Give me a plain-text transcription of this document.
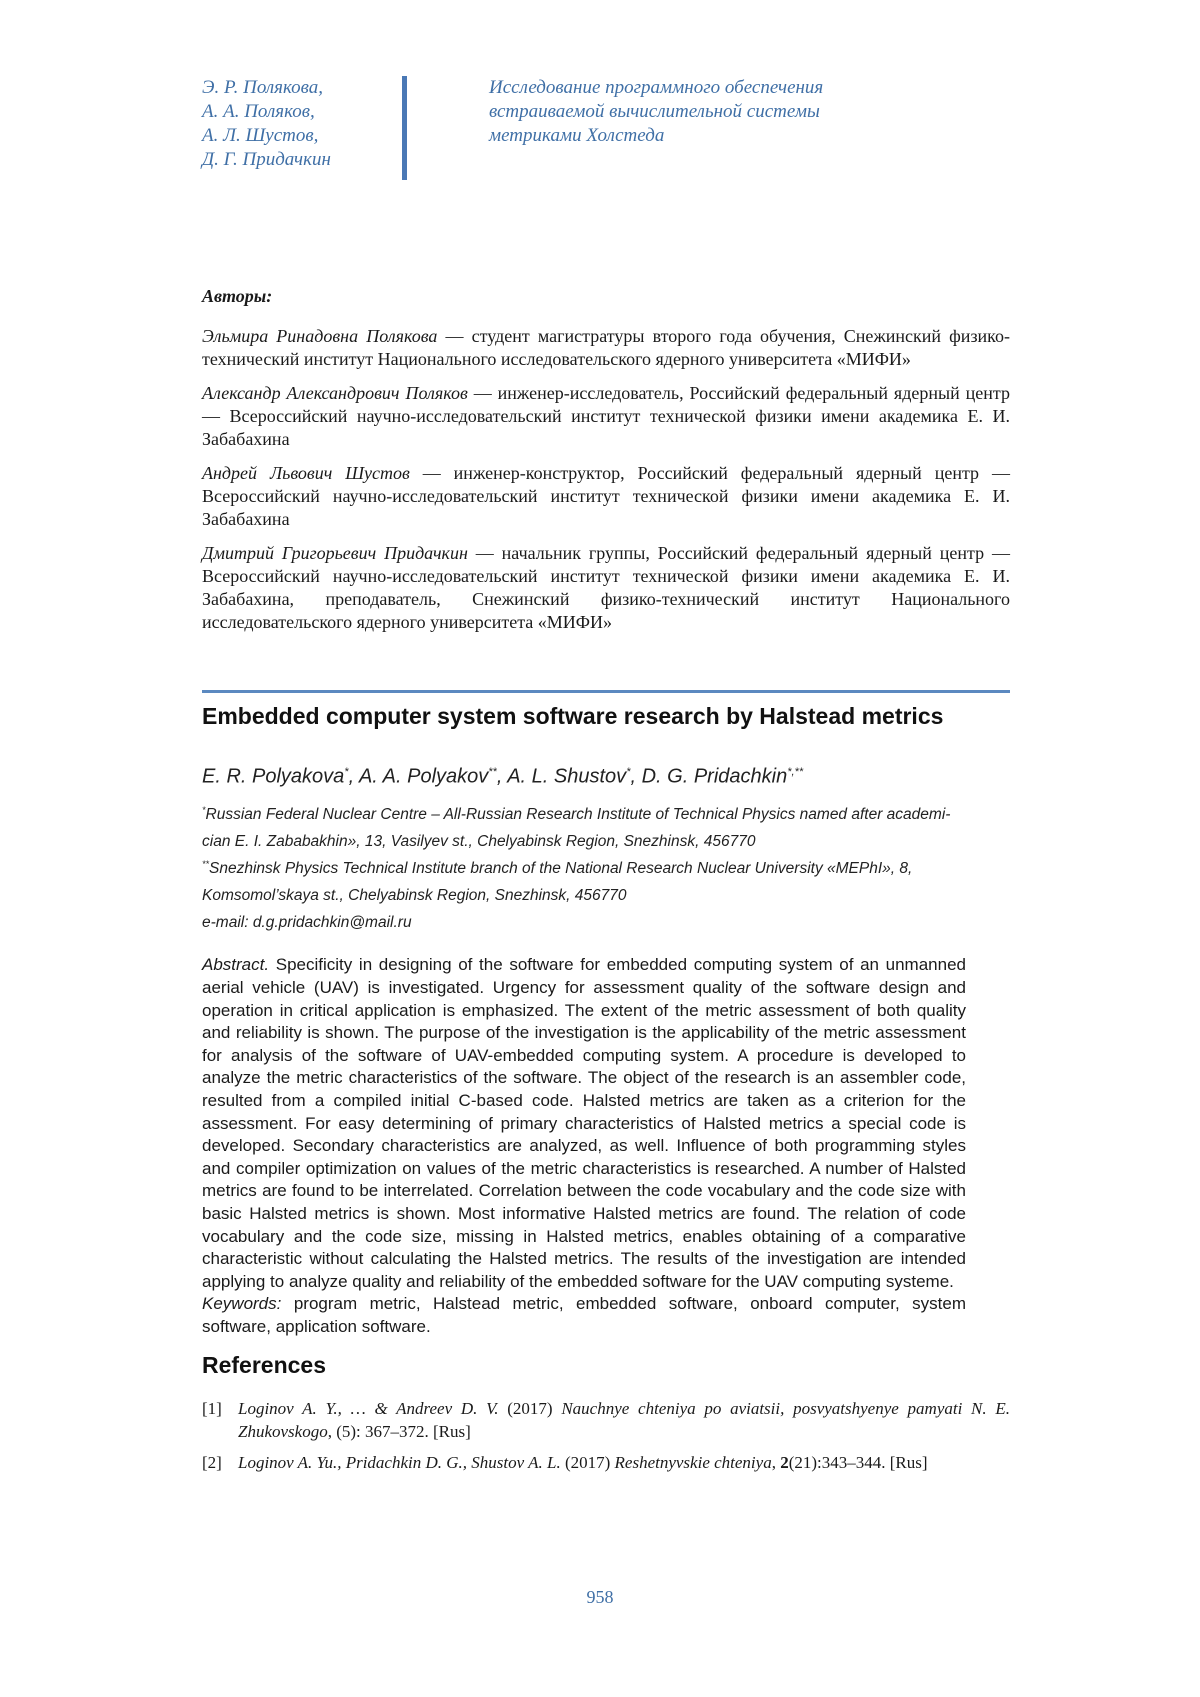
Э. Р. Полякова,
А. А. Поляков,
А. Л. Шустов,
Д. Г. Придачкин
Исследование программного обеспечения
встраиваемой вычислительной системы
метриками Холстеда

Авторы:

Эльмира Ринадовна Полякова — студент магистратуры второго года обучения, Снежинский физико-технический институт Национального исследовательского ядерного университета «МИФИ»

Александр Александрович Поляков — инженер-исследователь, Российский федеральный ядерный центр — Всероссийский научно-исследовательский институт технической физики имени академика Е. И. Забабахина

Андрей Львович Шустов — инженер-конструктор, Российский федеральный ядерный центр — Всероссийский научно-исследовательский институт технической физики имени академика Е. И. Забабахина

Дмитрий Григорьевич Придачкин — начальник группы, Российский федеральный ядерный центр — Всероссийский научно-исследовательский институт технической физики имени академика Е. И. Забабахина, преподаватель, Снежинский физико-технический институт Национального исследовательского ядерного университета «МИФИ»

Embedded computer system software research by Halstead metrics
E. R. Polyakova*, A. A. Polyakov**, A. L. Shustov*, D. G. Pridachkin*,**
*Russian Federal Nuclear Centre – All-Russian Research Institute of Technical Physics named after academi-
cian E. I. Zababakhin», 13, Vasilyev st., Chelyabinsk Region, Snezhinsk, 456770
**Snezhinsk Physics Technical Institute branch of the National Research Nuclear University «MEPhI», 8,
Komsomol’skaya st., Chelyabinsk Region, Snezhinsk, 456770
e-mail: d.g.pridachkin@mail.ru

Abstract. Specificity in designing of the software for embedded computing system of an unmanned aerial vehicle (UAV) is investigated. Urgency for assessment quality of the software design and operation in critical application is emphasized. The extent of the metric assessment of both quality and reliability is shown. The purpose of the investigation is the applicability of the metric assessment for analysis of the software of UAV-embedded computing system. A procedure is developed to analyze the metric characteristics of the software. The object of the research is an assembler code, resulted from a compiled initial C-based code. Halsted metrics are taken as a criterion for the assessment. For easy determining of primary characteristics of Halsted metrics a special code is developed. Secondary characteristics are analyzed, as well. Influence of both programming styles and compiler optimization on values of the metric characteristics is researched. A number of Halsted metrics are found to be interrelated. Correlation between the code vocabulary and the code size with basic Halsted metrics is shown. Most informative Halsted metrics are found. The relation of code vocabulary and the code size, missing in Halsted metrics, enables obtaining of a comparative characteristic without calculating the Halsted metrics. The results of the investigation are intended applying to analyze quality and reliability of the embedded software for the UAV computing systeme.

Keywords: program metric, Halstead metric, embedded software, onboard computer, system software, application software.

References
[1] Loginov A. Y., … & Andreev D. V. (2017) Nauchnye chteniya po aviatsii, posvyatshyenye pamyati N. E. Zhukovskogo, (5): 367–372. [Rus]
[2] Loginov A. Yu., Pridachkin D. G., Shustov A. L. (2017) Reshetnyvskie chteniya, 2(21):343–344. [Rus]
958
